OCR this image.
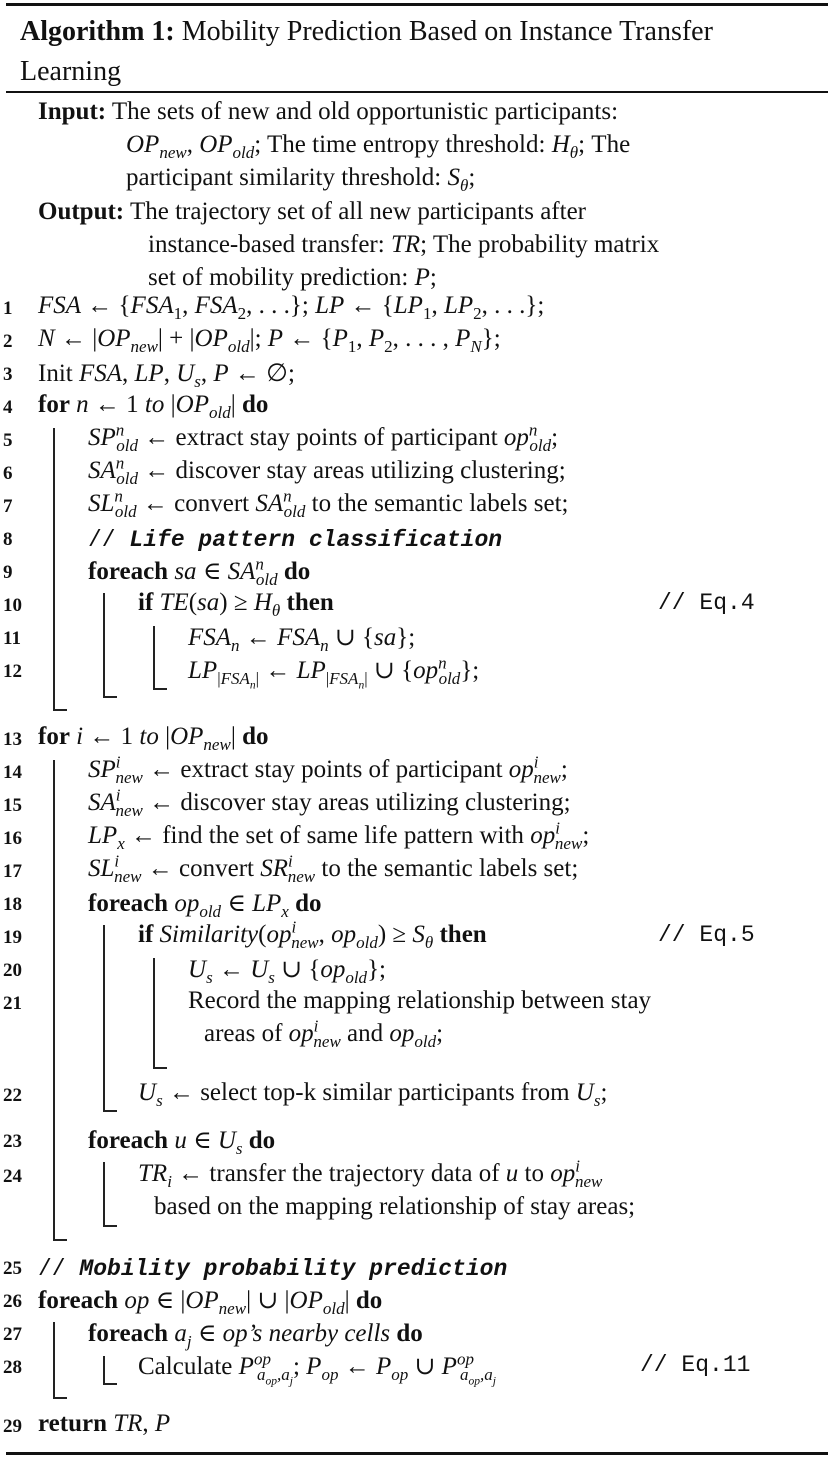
Algorithm 1: Mobility Prediction Based on Instance Transfer Learning
Input: The sets of new and old opportunistic participants:
$OP_{new}$, $OP_{old}$; The time entropy threshold: $H_\theta$; The
participant similarity threshold: $S_\theta$;
Output: The trajectory set of all new participants after
instance-based transfer: TR; The probability matrix
set of mobility prediction: P;
1	FSA ← {$FSA_1$, $FSA_2$, . . .}; LP ← {$LP_1$, $LP_2$, . . .};
2	N ← $|OP_{new}| + |OP_{old}|$; P ← {$P_1$, $P_2$, . . . , $P_N$};
3	Init FSA, LP, $U_s$, P ← ∅;
4	for n ← 1 to $|OP_{old}|$ do
5	$SP^n_{old}$ ← extract stay points of participant $op^n_{old}$;
6	$SA^n_{old}$ ← discover stay areas utilizing clustering;
7	$SL^n_{old}$ ← convert $SA^n_{old}$ to the semantic labels set;
8	// Life pattern classification
9	foreach sa ∈ $SA^n_{old}$ do
10	if $TE(sa) \ge H_\theta$ then	// Eq.4
11	$FSA_n$ ← $FSA_n$ ∪ {sa};
12	$LP_{|FSA_n|}$ ← $LP_{|FSA_n|}$ ∪ $\{op^n_{old}\}$;
13 for i ← 1 to $|OP_{new}|$ do
14	$SP^i_{new}$ ← extract stay points of participant $op^i_{new}$;
15	$SA^i_{new}$ ← discover stay areas utilizing clustering;
16	$LP_x$ ← find the set of same life pattern with $op^i_{new}$;
17	$SL^i_{new}$ ← convert $SR^i_{new}$ to the semantic labels set;
18	foreach $op_{old}$ ∈ $LP_x$ do
19	if $Similarity(op^i_{new}$, $op_{old}) \ge S_\theta$ then	// Eq.5
20	$U_s$ ← $U_s$ ∪ $\{op_{old}\}$;
21	Record the mapping relationship between stay
areas of $op^i_{new}$ and $op_{old}$;
22	$U_s$ ← select top-k similar participants from $U_s$;
23	foreach u ∈ $U_s$ do
24	$TR_i$ ← transfer the trajectory data of u to $op^i_{new}$
based on the mapping relationship of stay areas;
25 // Mobility probability prediction
26 foreach op ∈ $|OP_{new}|$ ∪ $|OP_{old}|$ do
27	foreach $a_j$ ∈ op’s nearby cells do
28	Calculate $P^{op}_{a_{op},a_j}$; $P_{op}$ ← $P_{op}$ ∪ $P^{op}_{a_{op},a_j}$
// Eq.11
29 return TR, P
